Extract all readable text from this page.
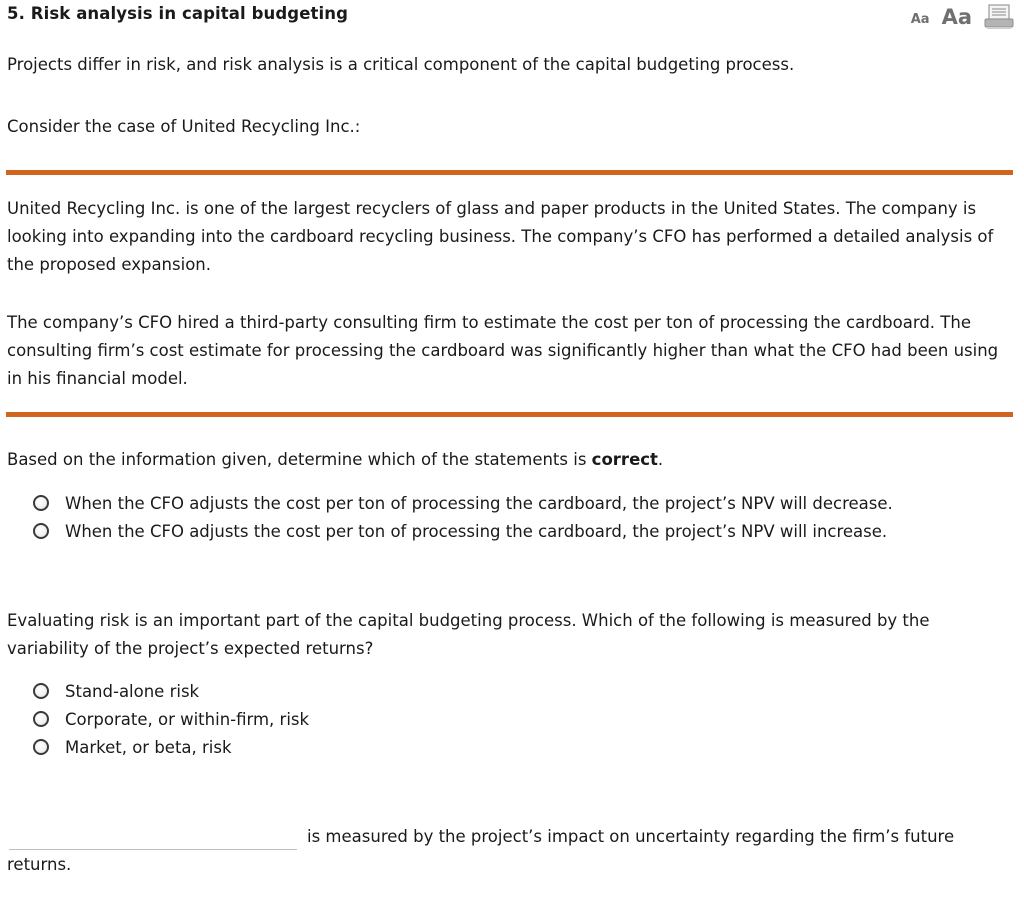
5. Risk analysis in capital budgeting	Aa Aa

Projects differ in risk, and risk analysis is a critical component of the capital budgeting process.

Consider the case of United Recycling Inc.:

United Recycling Inc. is one of the largest recyclers of glass and paper products in the United States. The company is looking into expanding into the cardboard recycling business. The company’s CFO has performed a detailed analysis of the proposed expansion.

The company’s CFO hired a third-party consulting firm to estimate the cost per ton of processing the cardboard. The consulting firm’s cost estimate for processing the cardboard was significantly higher than what the CFO had been using in his financial model.

Based on the information given, determine which of the statements is correct.

When the CFO adjusts the cost per ton of processing the cardboard, the project’s NPV will decrease.
When the CFO adjusts the cost per ton of processing the cardboard, the project’s NPV will increase.

Evaluating risk is an important part of the capital budgeting process. Which of the following is measured by the variability of the project’s expected returns?

Stand-alone risk
Corporate, or within-firm, risk
Market, or beta, risk

is measured by the project’s impact on uncertainty regarding the firm’s future

returns.
